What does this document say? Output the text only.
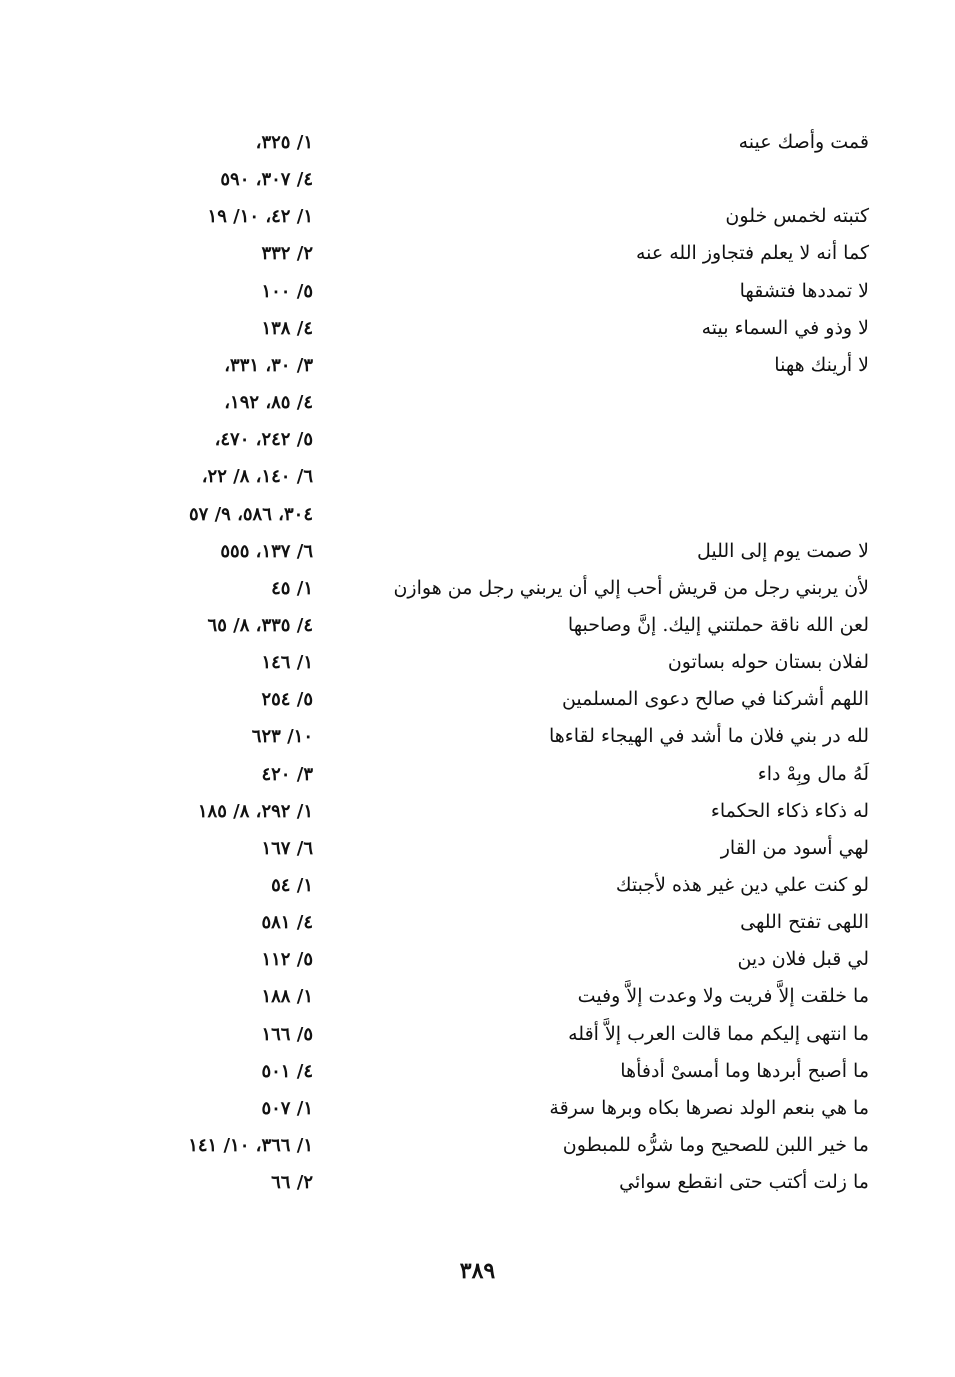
قمت وأصك عينه
١/ ٣٢٥،
٤/ ٣٠٧، ٥٩٠
كتبته لخمس خلون
١/ ٤٢، ١٠/ ١٩
كما أنه لا يعلم فتجاوز الله عنه
٢/ ٣٣٢
لا تمددها فتشقها
٥/ ١٠٠
لا وذو في السماء بيته
٤/ ١٣٨
لا أرينك ههنا
٣/ ٣٠، ٣٣١،
٤/ ٨٥، ١٩٢،
٥/ ٢٤٢، ٤٧٠،
٦/ ١٤٠، ٨/ ٢٢،
٣٠٤، ٥٨٦، ٩/ ٥٧
لا صمت يوم إلى الليل
٦/ ١٣٧، ٥٥٥
لأن يربني رجل من قريش أحب إلي أن يربني رجل من هوازن
١/ ٤٥
لعن الله ناقة حملتني إليك. إنَّ وصاحبها
٤/ ٣٣٥، ٨/ ٦٥
لفلان بستان حوله بساتون
١/ ١٤٦
اللهم أشركنا في صالح دعوى المسلمين
٥/ ٢٥٤
لله در بني فلان ما أشد في الهيجاء لقاءها
١٠/ ٦٢٣
لَهُ مال وبِهْ داء
٣/ ٤٢٠
له ذكاء ذكاء الحكماء
١/ ٢٩٢، ٨/ ١٨٥
لهي أسود من القار
٦/ ١٦٧
لو كنت علي دين غير هذه لأجبتك
١/ ٥٤
اللهى تفتح اللهى
٤/ ٥٨١
لي قبل فلان دين
٥/ ١١٢
ما خلقت إلاَّ فريت ولا وعدت إلاَّ وفيت
١/ ١٨٨
ما انتهى إليكم مما قالت العرب إلاَّ أقله
٥/ ١٦٦
ما أصبح أبردها وما أمسىْ أدفأها
٤/ ٥٠١
ما هي بنعم الولد نصرها بكاه وبرها سرقة
١/ ٥٠٧
ما خير اللبن للصحيح وما شرُّه للمبطون
١/ ٣٦٦، ١٠/ ١٤١
ما زلت أكتب حتى انقطع سوائي
٢/ ٦٦
٣٨٩
